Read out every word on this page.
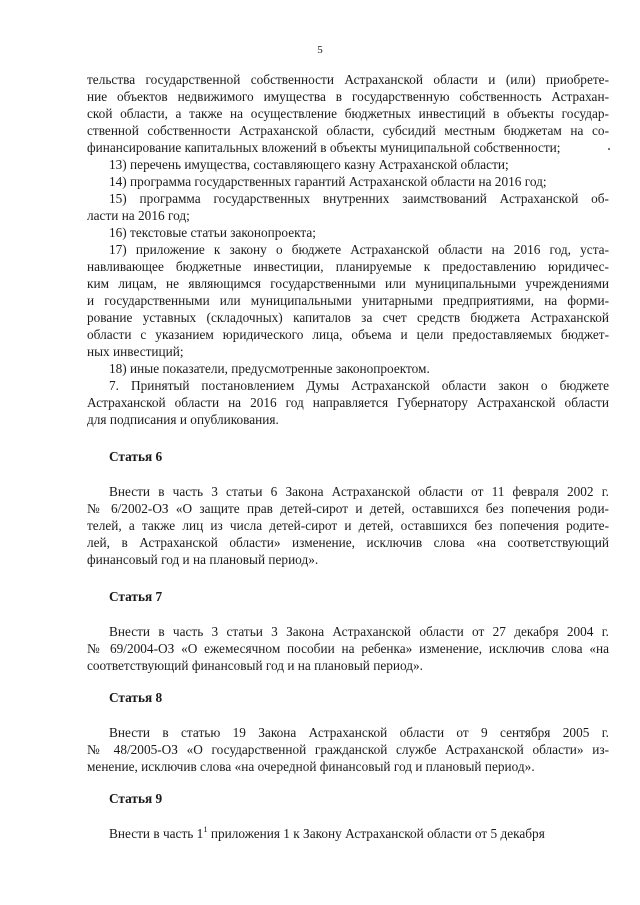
5
тельства государственной собственности Астраханской области и (или) приобрете-
ние объектов недвижимого имущества в государственную собственность Астрахан-
ской области, а также на осуществление бюджетных инвестиций в объекты государ-
ственной собственности Астраханской области, субсидий местным бюджетам на со-
финансирование капитальных вложений в объекты муниципальной собственности;
13) перечень имущества, составляющего казну Астраханской области;
14) программа государственных гарантий Астраханской области на 2016 год;
15) программа государственных внутренних заимствований Астраханской об-
ласти на 2016 год;
16) текстовые статьи законопроекта;
17) приложение к закону о бюджете Астраханской области на 2016 год, уста-
навливающее бюджетные инвестиции, планируемые к предоставлению юридичес-
ким лицам, не являющимся государственными или муниципальными учреждениями
и государственными или муниципальными унитарными предприятиями, на форми-
рование уставных (складочных) капиталов за счет средств бюджета Астраханской
области с указанием юридического лица, объема и цели предоставляемых бюджет-
ных инвестиций;
18) иные показатели, предусмотренные законопроектом.
7. Принятый постановлением Думы Астраханской области закон о бюджете
Астраханской области на 2016 год направляется Губернатору Астраханской области
для подписания и опубликования.
Статья 6
Внести в часть 3 статьи 6 Закона Астраханской области от 11 февраля 2002 г.
№ 6/2002-ОЗ «О защите прав детей-сирот и детей, оставшихся без попечения роди-
телей, а также лиц из числа детей-сирот и детей, оставшихся без попечения родите-
лей, в Астраханской области» изменение, исключив слова «на соответствующий
финансовый год и на плановый период».
Статья 7
Внести в часть 3 статьи 3 Закона Астраханской области от 27 декабря 2004 г.
№ 69/2004-ОЗ «О ежемесячном пособии на ребенка» изменение, исключив слова «на
соответствующий финансовый год и на плановый период».
Статья 8
Внести в статью 19 Закона Астраханской области от 9 сентября 2005 г.
№ 48/2005-ОЗ «О государственной гражданской службе Астраханской области» из-
менение, исключив слова «на очередной финансовый год и плановый период».
Статья 9
Внести в часть $1^1$ приложения 1 к Закону Астраханской области от 5 декабря
